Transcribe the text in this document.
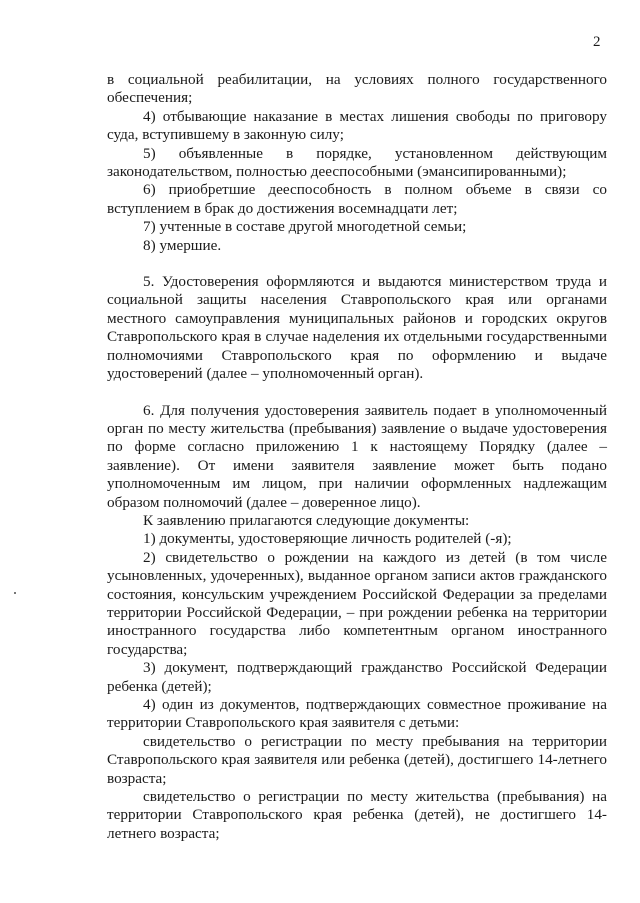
2

в социальной реабилитации, на условиях полного государственного обеспечения;

4) отбывающие наказание в местах лишения свободы по приговору суда, вступившему в законную силу;

5) объявленные в порядке, установленном действующим законодательством, полностью дееспособными (эмансипированными);

6) приобретшие дееспособность в полном объеме в связи со вступлением в брак до достижения восемнадцати лет;

7) учтенные в составе другой многодетной семьи;

8) умершие.

5. Удостоверения оформляются и выдаются министерством труда и социальной защиты населения Ставропольского края или органами местного самоуправления муниципальных районов и городских округов Ставропольского края в случае наделения их отдельными государственными полномочиями Ставропольского края по оформлению и выдаче удостоверений (далее – уполномоченный орган).

6. Для получения удостоверения заявитель подает в уполномоченный орган по месту жительства (пребывания) заявление о выдаче удостоверения по форме согласно приложению 1 к настоящему Порядку (далее – заявление). От имени заявителя заявление может быть подано уполномоченным им лицом, при наличии оформленных надлежащим образом полномочий (далее – доверенное лицо).

К заявлению прилагаются следующие документы:

1) документы, удостоверяющие личность родителей (-я);

2) свидетельство о рождении на каждого из детей (в том числе усыновленных, удочеренных), выданное органом записи актов гражданского состояния, консульским учреждением Российской Федерации за пределами территории Российской Федерации, – при рождении ребенка на территории иностранного государства либо компетентным органом иностранного государства;

3) документ, подтверждающий гражданство Российской Федерации ребенка (детей);

4) один из документов, подтверждающих совместное проживание на территории Ставропольского края заявителя с детьми:

свидетельство о регистрации по месту пребывания на территории Ставропольского края заявителя или ребенка (детей), достигшего 14-летнего возраста;

свидетельство о регистрации по месту жительства (пребывания) на территории Ставропольского края ребенка (детей), не достигшего 14-летнего возраста;
